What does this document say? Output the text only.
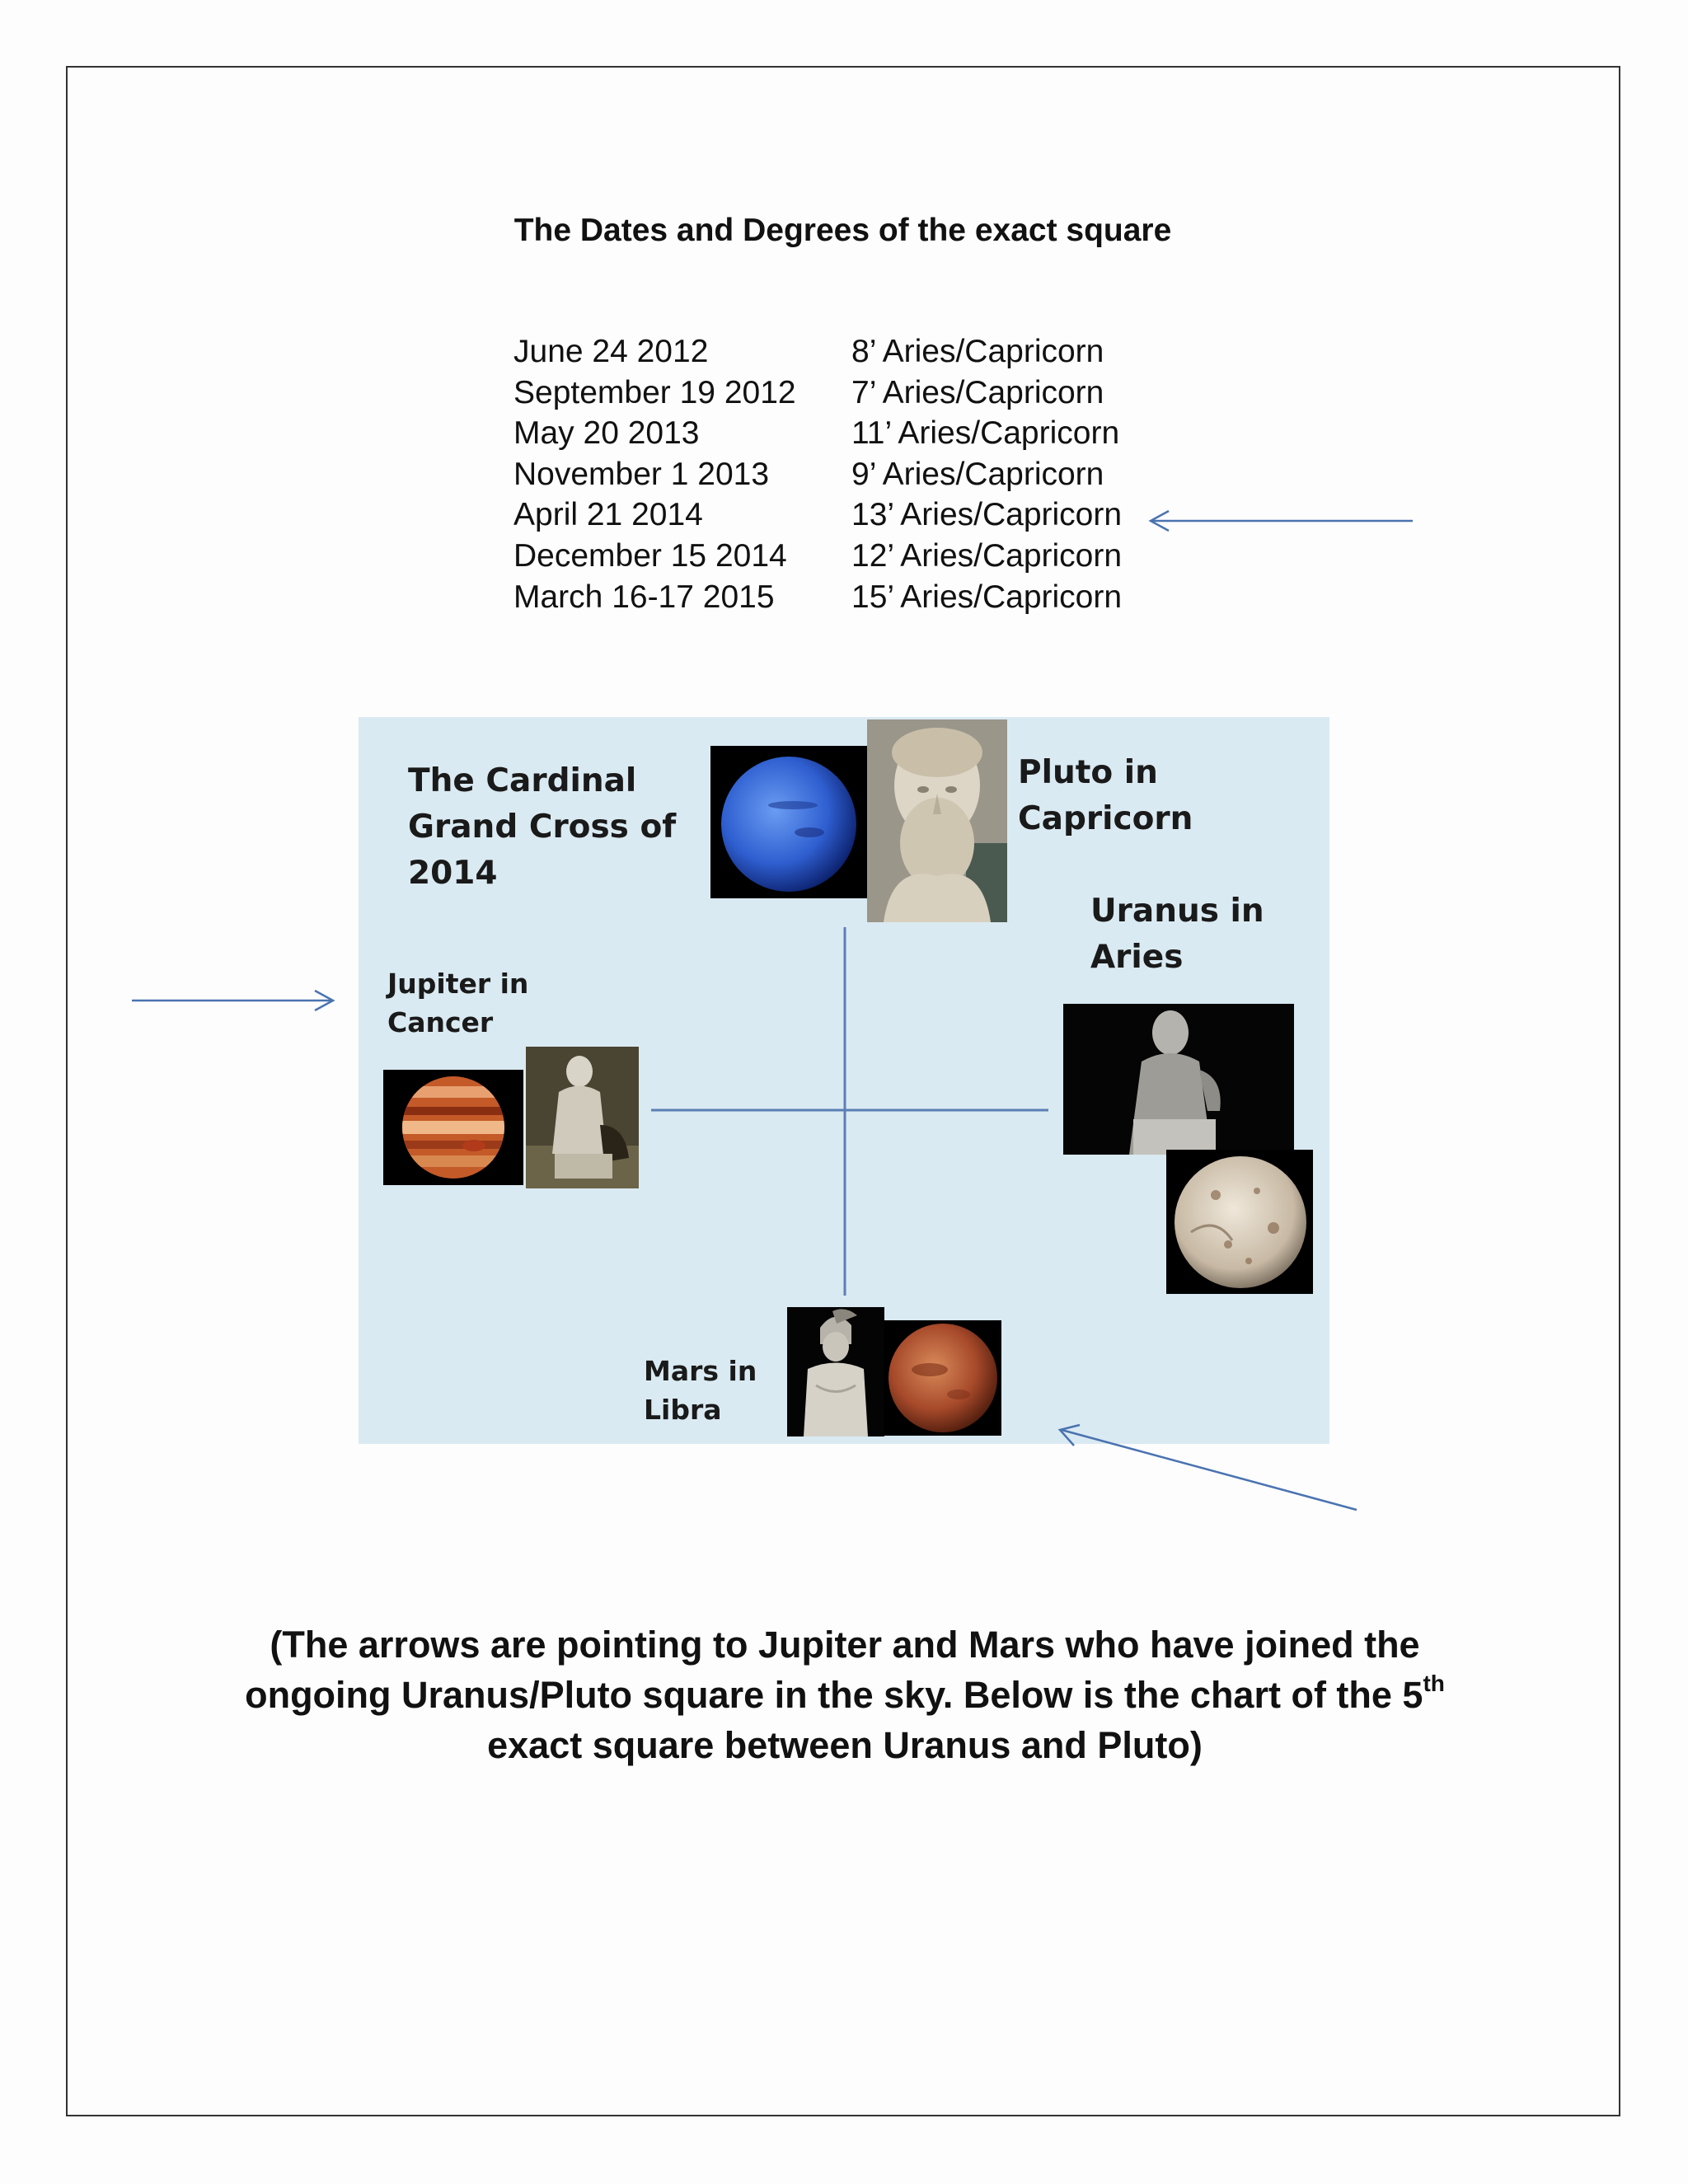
The Dates and Degrees of the exact square
June 24 2012	8’ Aries/Capricorn
September 19 2012 7’ Aries/Capricorn
May 20 2013	11’ Aries/Capricorn
November 1 2013	9’ Aries/Capricorn
April 21 2014	13’ Aries/Capricorn
December 15 2014 12’ Aries/Capricorn
March 16-17 2015 15’ Aries/Capricorn
The Cardinal
Grand Cross of
2014
Pluto in
Capricorn
Uranus in
Aries
Jupiter in
Cancer
Mars in
Libra
(The arrows are pointing to Jupiter and Mars who have joined the
ongoing Uranus/Pluto square in the sky. Below is the chart of the 5th
exact square between Uranus and Pluto)
